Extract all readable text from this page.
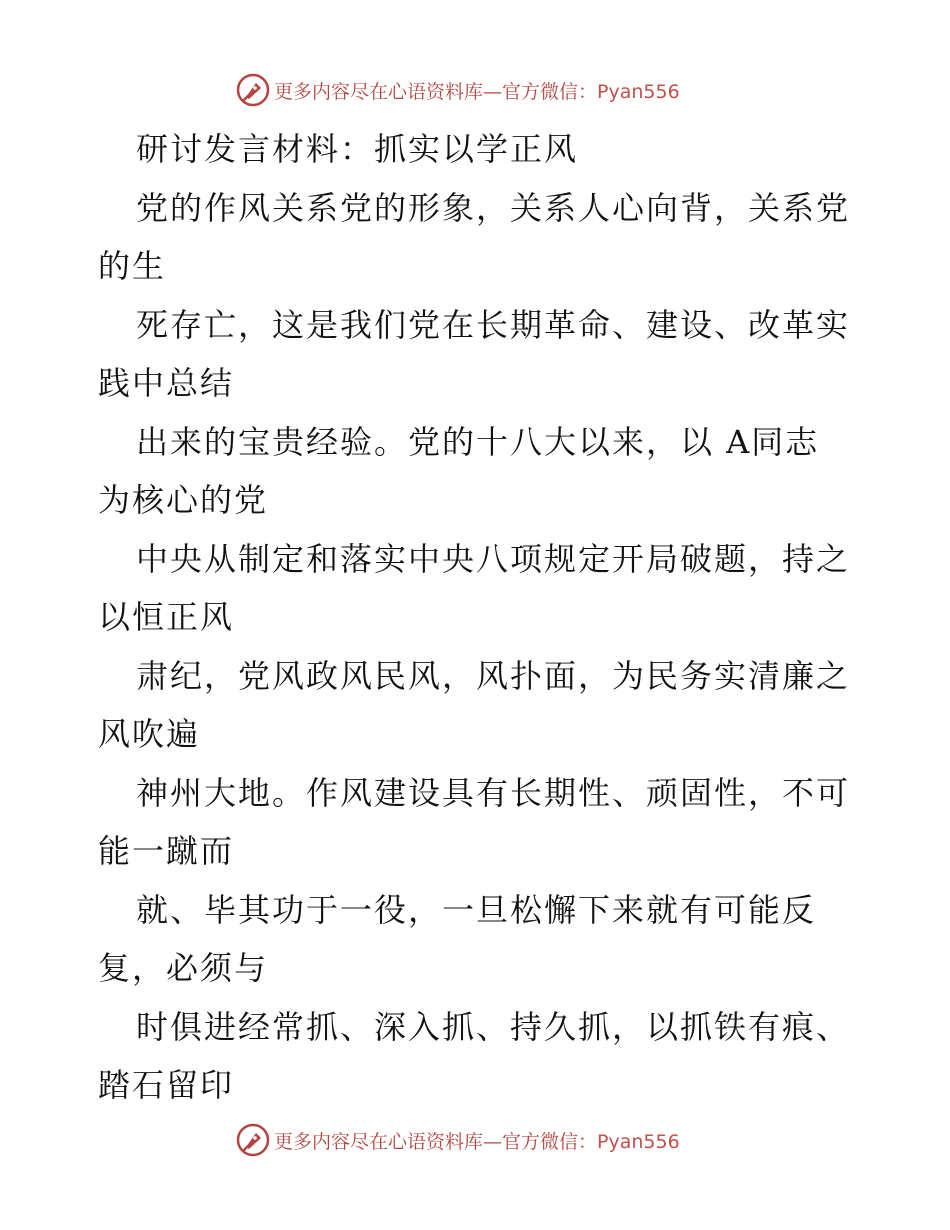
更多内容尽在心语资料库—官方微信：Pyan556
研讨发言材料：抓实以学正风
党的作风关系党的形象，关系人心向背，关系党
的生
死存亡，这是我们党在长期革命、建设、改革实
践中总结
出来的宝贵经验。党的十八大以来，以 A同志
为核心的党
中央从制定和落实中央八项规定开局破题，持之
以恒正风
肃纪，党风政风民风，风扑面，为民务实清廉之
风吹遍
神州大地。作风建设具有长期性、顽固性，不可
能一蹴而
就、毕其功于一役，一旦松懈下来就有可能反
复，必须与
时俱进经常抓、深入抓、持久抓，以抓铁有痕、
踏石留印
更多内容尽在心语资料库—官方微信：Pyan556
